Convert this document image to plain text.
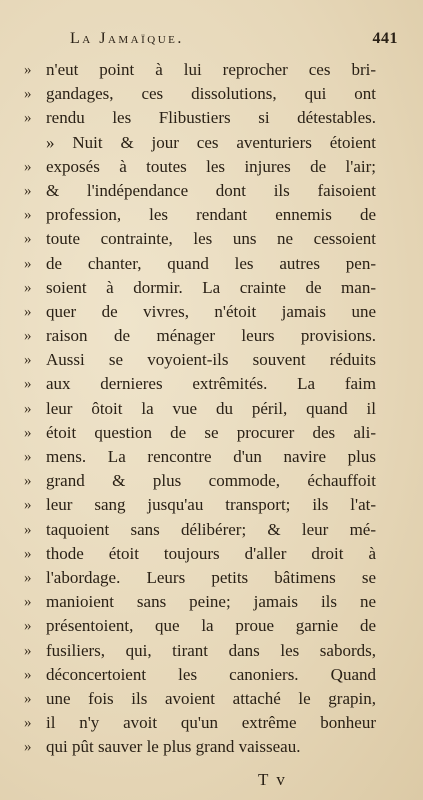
La Jamaïque.	441
» n'eut point à lui reprocher ces bri-
» gandages, ces dissolutions, qui ont
» rendu les Flibustiers si détestables.
» Nuit & jour ces aventuriers étoient
» exposés à toutes les injures de l'air;
» & l'indépendance dont ils faisoient
» profession, les rendant ennemis de
» toute contrainte, les uns ne cessoient
» de chanter, quand les autres pen-
» soient à dormir. La crainte de man-
» quer de vivres, n'étoit jamais une
» raison de ménager leurs provisions.
» Aussi se voyoient-ils souvent réduits
» aux dernieres extrêmités. La faim
» leur ôtoit la vue du péril, quand il
» étoit question de se procurer des ali-
» mens. La rencontre d'un navire plus
» grand & plus commode, échauffoit
» leur sang jusqu'au transport; ils l'at-
» taquoient sans délibérer; & leur mé-
» thode étoit toujours d'aller droit à
» l'abordage. Leurs petits bâtimens se
» manioient sans peine; jamais ils ne
» présentoient, que la proue garnie de
» fusiliers, qui, tirant dans les sabords,
» déconcertoient les canoniers. Quand
» une fois ils avoient attaché le grapin,
» il n'y avoit qu'un extrême bonheur
» qui pût sauver le plus grand vaisseau.
T v
